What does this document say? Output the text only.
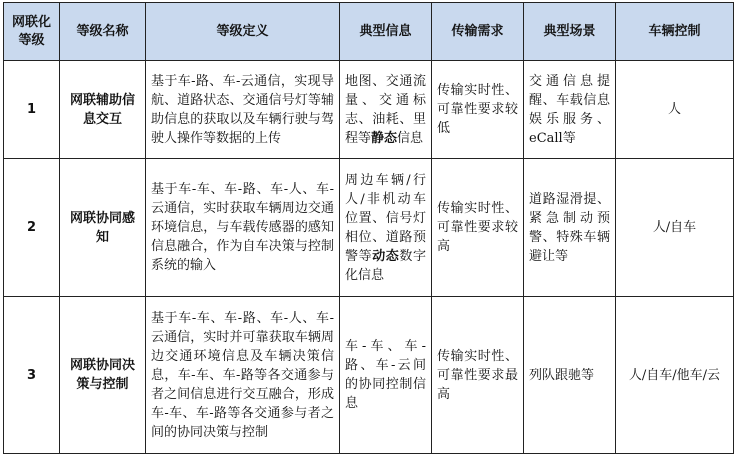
网联化等级	等级名称	等级定义	典型信息	传输需求	典型场景	车辆控制
1	网联辅助信息交互	基于车-路、车-云通信，实现导航、道路状态、交通信号灯等辅助信息的获取以及车辆行驶与驾驶人操作等数据的上传	地图、交通流量、交通标志、油耗、里程等静态信息	传输实时性、可靠性要求较低	交通信息提醒、车载信息娱乐服务、eCall等	人
2	网联协同感知	基于车-车、车-路、车-人、车-云通信，实时获取车辆周边交通环境信息，与车载传感器的感知信息融合，作为自车决策与控制系统的输入	周边车辆/行人/非机动车位置、信号灯相位、道路预警等动态数字化信息	传输实时性、可靠性要求较高	道路湿滑提、紧急制动预警、特殊车辆避让等	人/自车
3	网联协同决策与控制	基于车-车、车-路、车-人、车-云通信，实时并可靠获取车辆周边交通环境信息及车辆决策信息，车-车、车-路等各交通参与者之间信息进行交互融合，形成车-车、车-路等各交通参与者之间的协同决策与控制	车-车、车-路、车-云间的协同控制信息	传输实时性、可靠性要求最高	列队跟驰等	人/自车/他车/云
